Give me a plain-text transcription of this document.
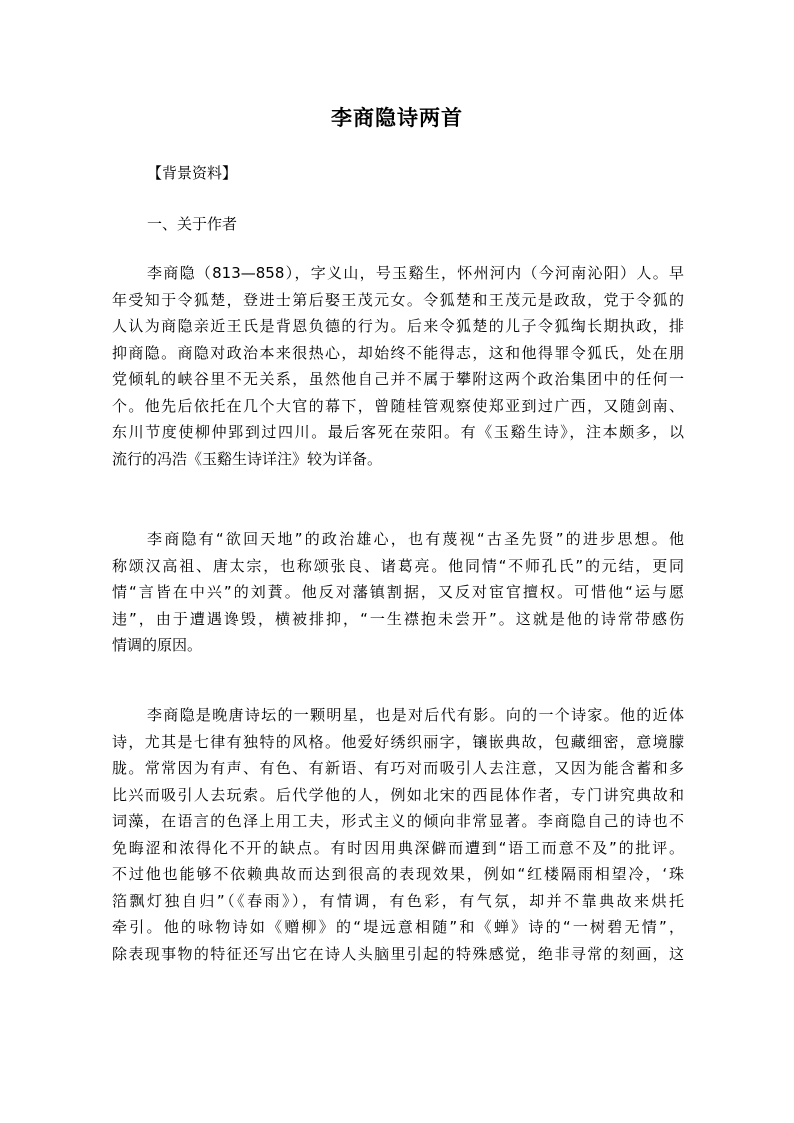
李商隐诗两首
【背景资料】
一、关于作者
李商隐（813—858），字义山，号玉谿生，怀州河内（今河南沁阳）人。早
年受知于令狐楚，登进士第后娶王茂元女。令狐楚和王茂元是政敌，党于令狐的
人认为商隐亲近王氏是背恩负德的行为。后来令狐楚的儿子令狐绹长期执政，排
抑商隐。商隐对政治本来很热心，却始终不能得志，这和他得罪令狐氏，处在朋
党倾轧的峡谷里不无关系，虽然他自己并不属于攀附这两个政治集团中的任何一
个。他先后依托在几个大官的幕下，曾随桂管观察使郑亚到过广西，又随剑南、
东川节度使柳仲郢到过四川。最后客死在荥阳。有《玉谿生诗》，注本颇多，以
流行的冯浩《玉谿生诗详注》较为详备。
李商隐有“欲回天地”的政治雄心，也有蔑视“古圣先贤”的进步思想。他
称颂汉高祖、唐太宗，也称颂张良、诸葛亮。他同情“不师孔氏”的元结，更同
情“言皆在中兴”的刘蕡。他反对藩镇割据，又反对宦官擅权。可惜他“运与愿
违”，由于遭遇谗毁，横被排抑，“一生襟抱未尝开”。这就是他的诗常带感伤
情调的原因。
李商隐是晚唐诗坛的一颗明星，也是对后代有影。向的一个诗家。他的近体
诗，尤其是七律有独特的风格。他爱好绣织丽字，镶嵌典故，包藏细密，意境朦
胧。常常因为有声、有色、有新语、有巧对而吸引人去注意，又因为能含蓄和多
比兴而吸引人去玩索。后代学他的人，例如北宋的西昆体作者，专门讲究典故和
词藻，在语言的色泽上用工夫，形式主义的倾向非常显著。李商隐自己的诗也不
免晦涩和浓得化不开的缺点。有时因用典深僻而遭到“语工而意不及”的批评。
不过他也能够不依赖典故而达到很高的表现效果，例如“红楼隔雨相望冷，‘珠
箔飘灯独自归”（《春雨》），有情调，有色彩，有气氛，却并不靠典故来烘托
牵引。他的咏物诗如《赠柳》的“堤远意相随”和《蝉》诗的“一树碧无情”，
除表现事物的特征还写出它在诗人头脑里引起的特殊感觉，绝非寻常的刻画，这
